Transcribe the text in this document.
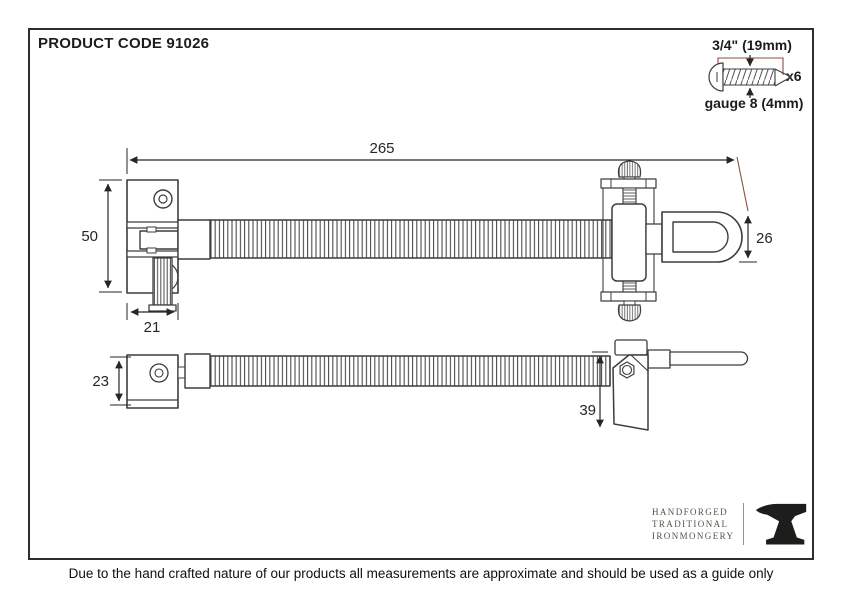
PRODUCT CODE 91026	3/4" (19mm)
x6
gauge 8 (4mm)
265
50
21
26
23
39
HANDFORGED
TRADITIONAL
IRONMONGERY
Due to the hand crafted nature of our products all measurements are approximate and should be used as a guide only
